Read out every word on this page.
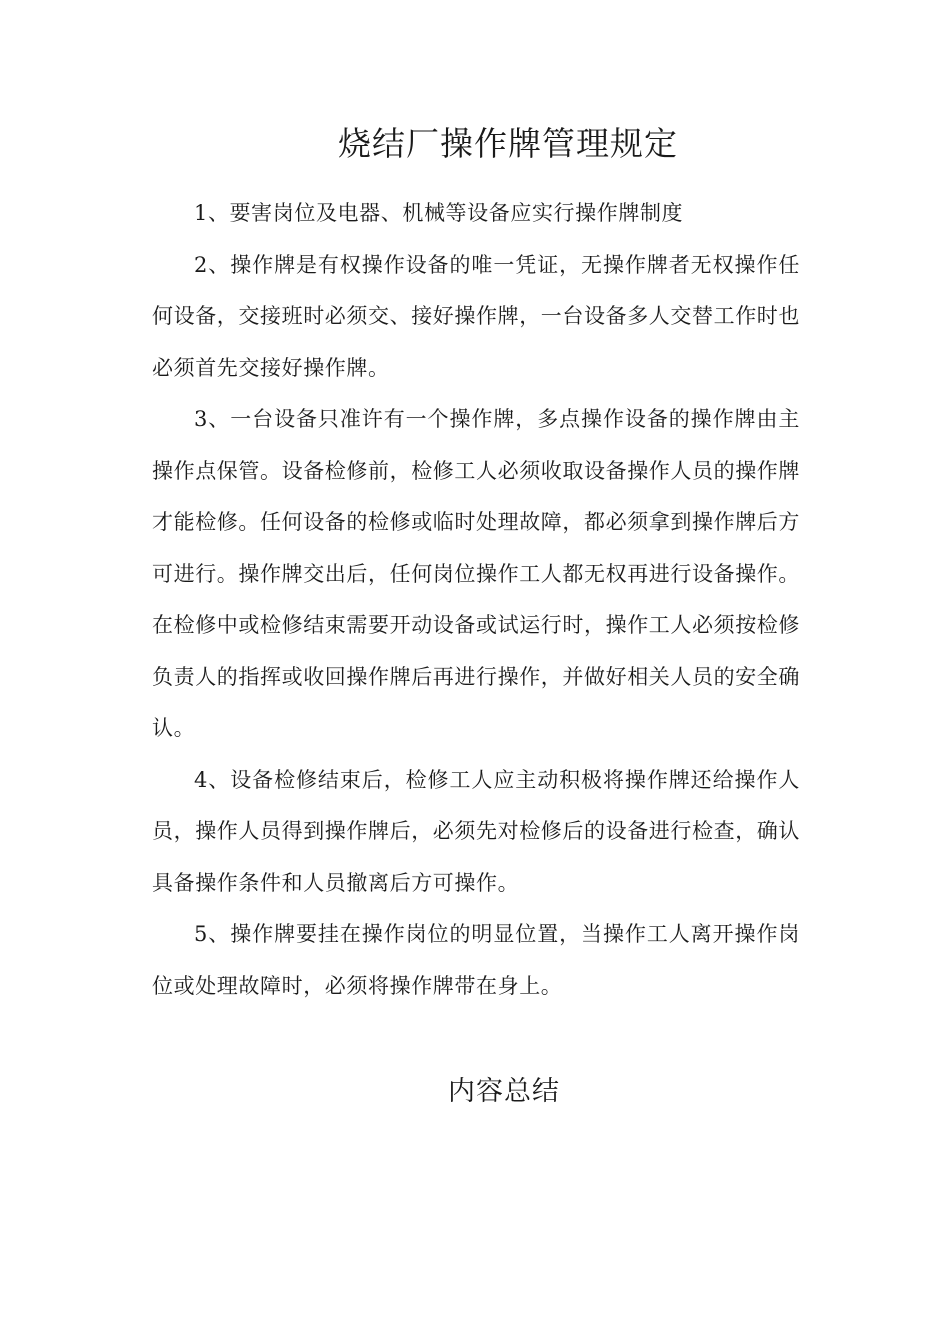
烧结厂操作牌管理规定

1、要害岗位及电器、机械等设备应实行操作牌制度

2、操作牌是有权操作设备的唯一凭证，无操作牌者无权操作任何设备，交接班时必须交、接好操作牌，一台设备多人交替工作时也必须首先交接好操作牌。

3、一台设备只准许有一个操作牌，多点操作设备的操作牌由主操作点保管。设备检修前，检修工人必须收取设备操作人员的操作牌才能检修。任何设备的检修或临时处理故障，都必须拿到操作牌后方可进行。操作牌交出后，任何岗位操作工人都无权再进行设备操作。在检修中或检修结束需要开动设备或试运行时，操作工人必须按检修负责人的指挥或收回操作牌后再进行操作，并做好相关人员的安全确认。

4、设备检修结束后，检修工人应主动积极将操作牌还给操作人员，操作人员得到操作牌后，必须先对检修后的设备进行检查，确认具备操作条件和人员撤离后方可操作。

5、操作牌要挂在操作岗位的明显位置，当操作工人离开操作岗位或处理故障时，必须将操作牌带在身上。

内容总结
